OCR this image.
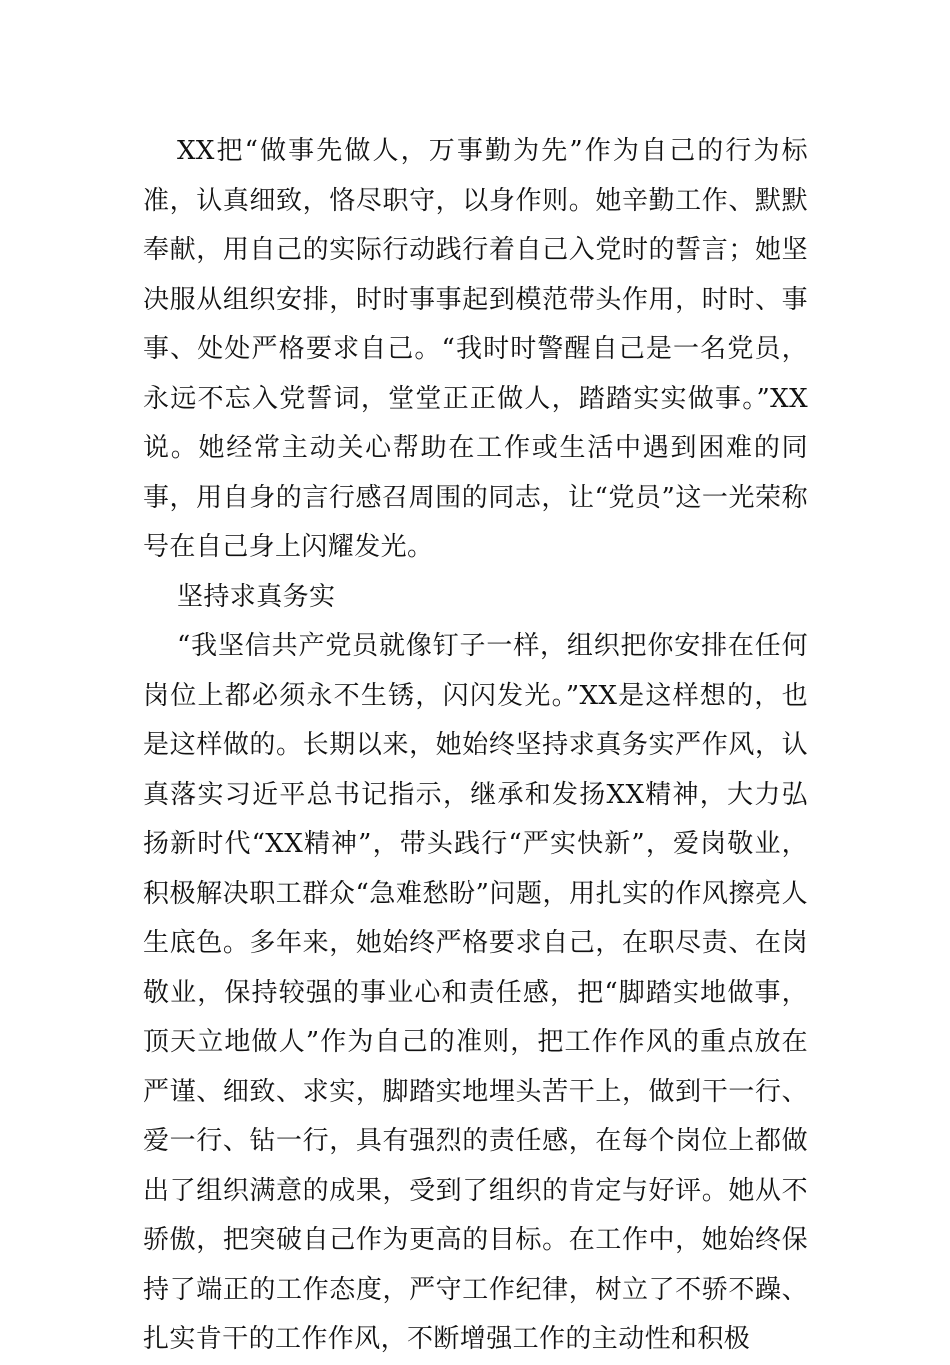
XX把“做事先做人，万事勤为先”作为自己的行为标准，认真细致，恪尽职守，以身作则。她辛勤工作、默默奉献，用自己的实际行动践行着自己入党时的誓言；她坚决服从组织安排，时时事事起到模范带头作用，时时、事事、处处严格要求自己。“我时时警醒自己是一名党员，永远不忘入党誓词，堂堂正正做人，踏踏实实做事。”XX说。她经常主动关心帮助在工作或生活中遇到困难的同事，用自身的言行感召周围的同志，让“党员”这一光荣称号在自己身上闪耀发光。

坚持求真务实

“我坚信共产党员就像钉子一样，组织把你安排在任何岗位上都必须永不生锈，闪闪发光。”XX是这样想的，也是这样做的。长期以来，她始终坚持求真务实严作风，认真落实习近平总书记指示，继承和发扬XX精神，大力弘扬新时代“XX精神”，带头践行“严实快新”，爱岗敬业，积极解决职工群众“急难愁盼”问题，用扎实的作风擦亮人生底色。多年来，她始终严格要求自己，在职尽责、在岗敬业，保持较强的事业心和责任感，把“脚踏实地做事，顶天立地做人”作为自己的准则，把工作作风的重点放在严谨、细致、求实，脚踏实地埋头苦干上，做到干一行、爱一行、钻一行，具有强烈的责任感，在每个岗位上都做出了组织满意的成果，受到了组织的肯定与好评。她从不骄傲，把突破自己作为更高的目标。在工作中，她始终保持了端正的工作态度，严守工作纪律，树立了不骄不躁、扎实肯干的工作作风，不断增强工作的主动性和积极
